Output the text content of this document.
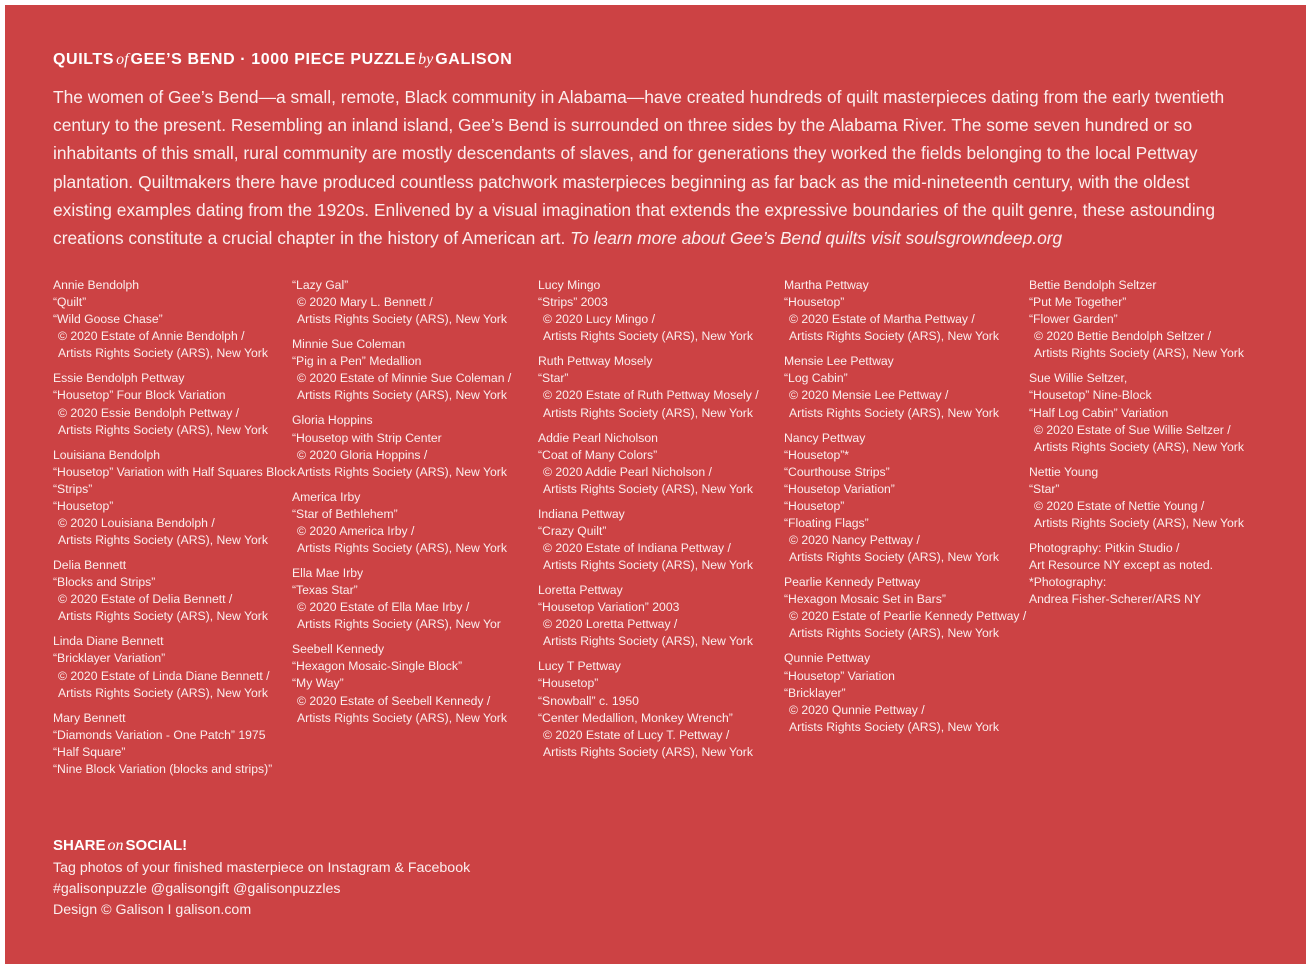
QUILTS of GEE’S BEND · 1000 PIECE PUZZLE by GALISON

The women of Gee’s Bend—a small, remote, Black community in Alabama—have created hundreds of quilt masterpieces dating from the early twentieth century to the present. Resembling an inland island, Gee’s Bend is surrounded on three sides by the Alabama River. The some seven hundred or so inhabitants of this small, rural community are mostly descendants of slaves, and for generations they worked the fields belonging to the local Pettway plantation. Quiltmakers there have produced countless patchwork masterpieces beginning as far back as the mid-nineteenth century, with the oldest existing examples dating from the 1920s. Enlivened by a visual imagination that extends the expressive boundaries of the quilt genre, these astounding creations constitute a crucial chapter in the history of American art. To learn more about Gee’s Bend quilts visit soulsgrowndeep.org

Annie Bendolph
“Quilt”
“Wild Goose Chase”
© 2020 Estate of Annie Bendolph /
Artists Rights Society (ARS), New York
Essie Bendolph Pettway
“Housetop” Four Block Variation
© 2020 Essie Bendolph Pettway /
Artists Rights Society (ARS), New York
Louisiana Bendolph
“Housetop” Variation with Half Squares Block
“Strips”
“Housetop”
© 2020 Louisiana Bendolph /
Artists Rights Society (ARS), New York
Delia Bennett
“Blocks and Strips”
© 2020 Estate of Delia Bennett /
Artists Rights Society (ARS), New York
Linda Diane Bennett
“Bricklayer Variation”
© 2020 Estate of Linda Diane Bennett /
Artists Rights Society (ARS), New York
Mary Bennett
“Diamonds Variation - One Patch” 1975
“Half Square”
“Nine Block Variation (blocks and strips)”
“Lazy Gal”
© 2020 Mary L. Bennett /
Artists Rights Society (ARS), New York
Minnie Sue Coleman
“Pig in a Pen” Medallion
© 2020 Estate of Minnie Sue Coleman /
Artists Rights Society (ARS), New York
Gloria Hoppins
“Housetop with Strip Center
© 2020 Gloria Hoppins /
Artists Rights Society (ARS), New York
America Irby
“Star of Bethlehem”
© 2020 America Irby /
Artists Rights Society (ARS), New York
Ella Mae Irby
“Texas Star”
© 2020 Estate of Ella Mae Irby /
Artists Rights Society (ARS), New Yor
Seebell Kennedy
“Hexagon Mosaic-Single Block”
“My Way”
© 2020 Estate of Seebell Kennedy /
Artists Rights Society (ARS), New York
Lucy Mingo
“Strips” 2003
© 2020 Lucy Mingo /
Artists Rights Society (ARS), New York
Ruth Pettway Mosely
“Star”
© 2020 Estate of Ruth Pettway Mosely /
Artists Rights Society (ARS), New York
Addie Pearl Nicholson
“Coat of Many Colors”
© 2020 Addie Pearl Nicholson /
Artists Rights Society (ARS), New York
Indiana Pettway
“Crazy Quilt”
© 2020 Estate of Indiana Pettway /
Artists Rights Society (ARS), New York
Loretta Pettway
“Housetop Variation” 2003
© 2020 Loretta Pettway /
Artists Rights Society (ARS), New York
Lucy T Pettway
“Housetop”
“Snowball” c. 1950
“Center Medallion, Monkey Wrench”
© 2020 Estate of Lucy T. Pettway /
Artists Rights Society (ARS), New York
Martha Pettway
“Housetop”
© 2020 Estate of Martha Pettway /
Artists Rights Society (ARS), New York
Mensie Lee Pettway
“Log Cabin”
© 2020 Mensie Lee Pettway /
Artists Rights Society (ARS), New York
Nancy Pettway
“Housetop”*
“Courthouse Strips”
“Housetop Variation”
“Housetop”
“Floating Flags”
© 2020 Nancy Pettway /
Artists Rights Society (ARS), New York
Pearlie Kennedy Pettway
“Hexagon Mosaic Set in Bars”
© 2020 Estate of Pearlie Kennedy Pettway /
Artists Rights Society (ARS), New York
Qunnie Pettway
“Housetop” Variation
“Bricklayer”
© 2020 Qunnie Pettway /
Artists Rights Society (ARS), New York
Bettie Bendolph Seltzer
“Put Me Together”
“Flower Garden”
© 2020 Bettie Bendolph Seltzer /
Artists Rights Society (ARS), New York
Sue Willie Seltzer,
“Housetop” Nine-Block
“Half Log Cabin” Variation
© 2020 Estate of Sue Willie Seltzer /
Artists Rights Society (ARS), New York
Nettie Young
“Star”
© 2020 Estate of Nettie Young /
Artists Rights Society (ARS), New York
Photography: Pitkin Studio /
Art Resource NY except as noted.
*Photography:
Andrea Fisher-Scherer/ARS NY
SHARE on SOCIAL!
Tag photos of your finished masterpiece on Instagram & Facebook
#galisonpuzzle @galisongift @galisonpuzzles
Design © Galison I galison.com
